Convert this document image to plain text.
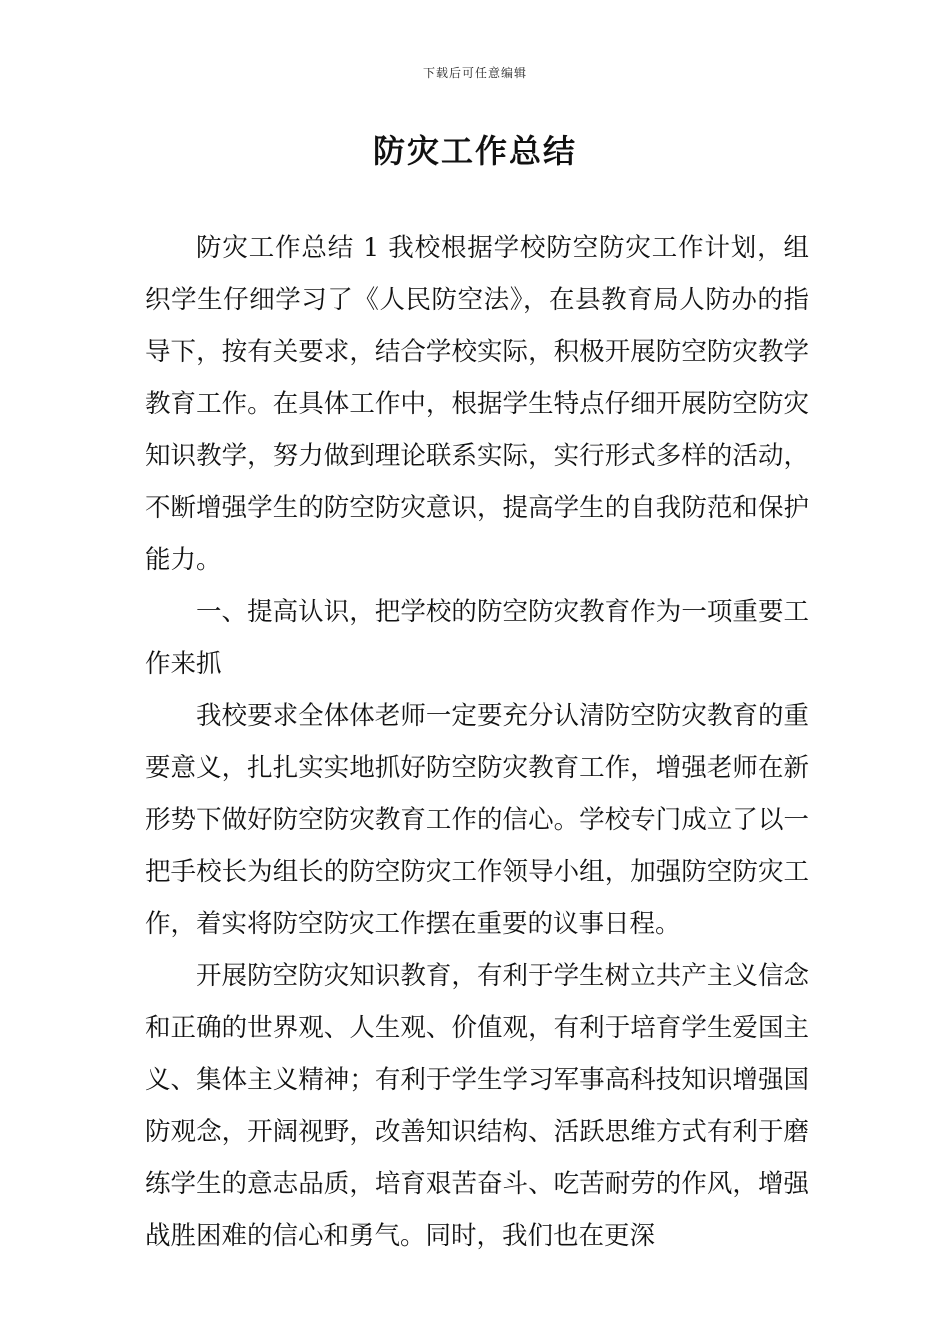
下载后可任意编辑
防灾工作总结

防灾工作总结 1 我校根据学校防空防灾工作计划，组织学生仔细学习了《人民防空法》，在县教育局人防办的指导下，按有关要求，结合学校实际，积极开展防空防灾教学教育工作。在具体工作中，根据学生特点仔细开展防空防灾知识教学，努力做到理论联系实际，实行形式多样的活动，不断增强学生的防空防灾意识，提高学生的自我防范和保护能力。

一、提高认识，把学校的防空防灾教育作为一项重要工作来抓

我校要求全体体老师一定要充分认清防空防灾教育的重要意义，扎扎实实地抓好防空防灾教育工作，增强老师在新形势下做好防空防灾教育工作的信心。学校专门成立了以一把手校长为组长的防空防灾工作领导小组，加强防空防灾工作，着实将防空防灾工作摆在重要的议事日程。

开展防空防灾知识教育，有利于学生树立共产主义信念和正确的世界观、人生观、价值观，有利于培育学生爱国主义、集体主义精神；有利于学生学习军事高科技知识增强国防观念，开阔视野，改善知识结构、活跃思维方式有利于磨练学生的意志品质，培育艰苦奋斗、吃苦耐劳的作风，增强战胜困难的信心和勇气。同时，我们也在更深
